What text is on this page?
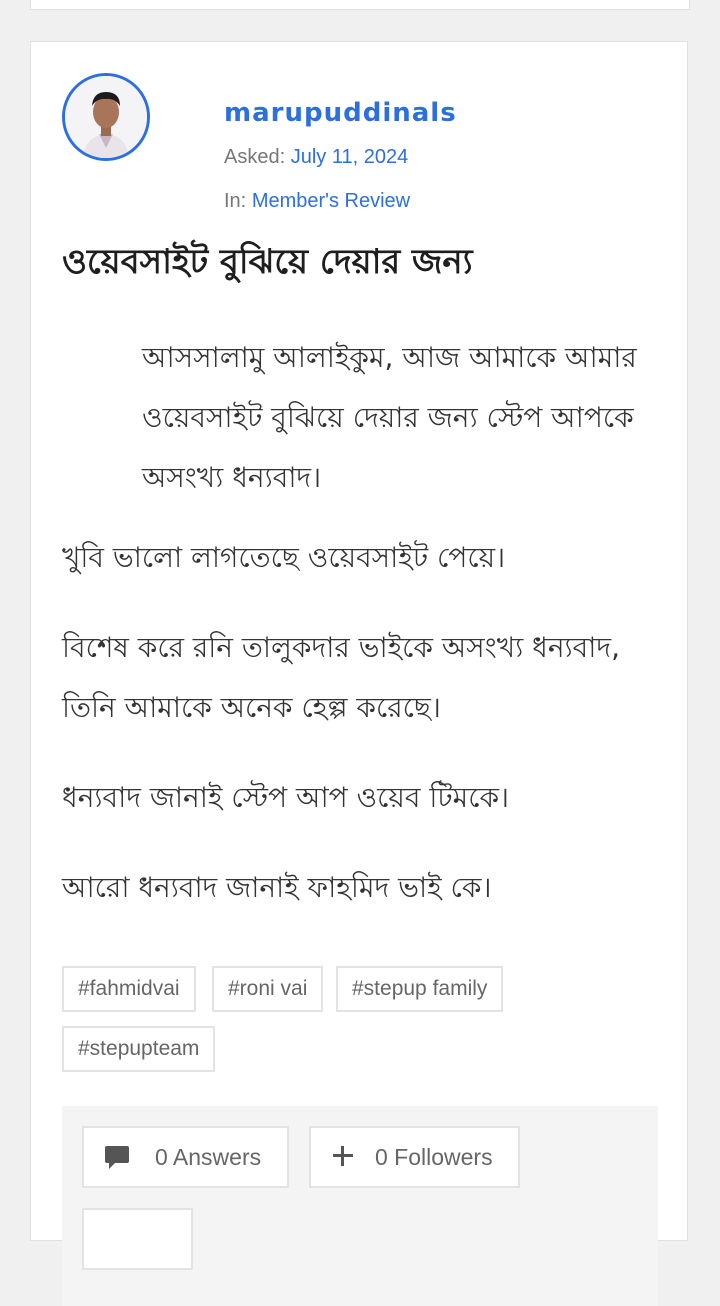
marupuddinals
Asked: July 11, 2024
In: Member's Review
ওয়েবসাইট বুঝিয়ে দেয়ার জন্য

আসসালামু আলাইকুম, আজ আমাকে আমার ওয়েবসাইট বুঝিয়ে দেয়ার জন্য স্টেপ আপকে অসংখ্য ধন্যবাদ।

খুবি ভালো লাগতেছে ওয়েবসাইট পেয়ে।

বিশেষ করে রনি তালুকদার ভাইকে অসংখ্য ধন্যবাদ, তিনি আমাকে অনেক হেল্প করেছে।

ধন্যবাদ জানাই স্টেপ আপ ওয়েব টিমকে।

আরো ধন্যবাদ জানাই ফাহমিদ ভাই কে।

#fahmidvai	#roni vai	#stepup family
#stepupteam
0 Answers	0 Followers
